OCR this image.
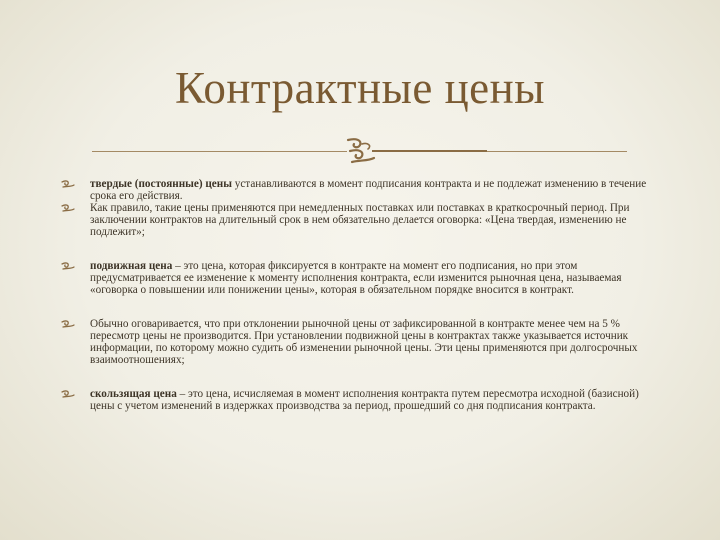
Контрактные цены
твердые (постоянные) цены устанавливаются в момент подписания контракта и не подлежат изменению в течение срока его действия.
Как правило, такие цены применяются при немедленных поставках или поставках в краткосрочный период. При заключении контрактов на длительный срок в нем обязательно делается оговорка: «Цена твердая, изменению не подлежит»;
подвижная цена – это цена, которая фиксируется в контракте на момент его подписания, но при этом предусматривается ее изменение к моменту исполнения контракта, если изменится рыночная цена, называемая «оговорка о повышении или понижении цены», которая в обязательном порядке вносится в контракт.
Обычно оговаривается, что при отклонении рыночной цены от зафиксированной в контракте менее чем на 5 % пересмотр цены не производится. При установлении подвижной цены в контрактах также указывается источник информации, по которому можно судить об изменении рыночной цены. Эти цены применяются при долгосрочных взаимоотношениях;
скользящая цена – это цена, исчисляемая в момент исполнения контракта путем пересмотра исходной (базисной) цены с учетом изменений в издержках производства за период, прошедший со дня подписания контракта.
